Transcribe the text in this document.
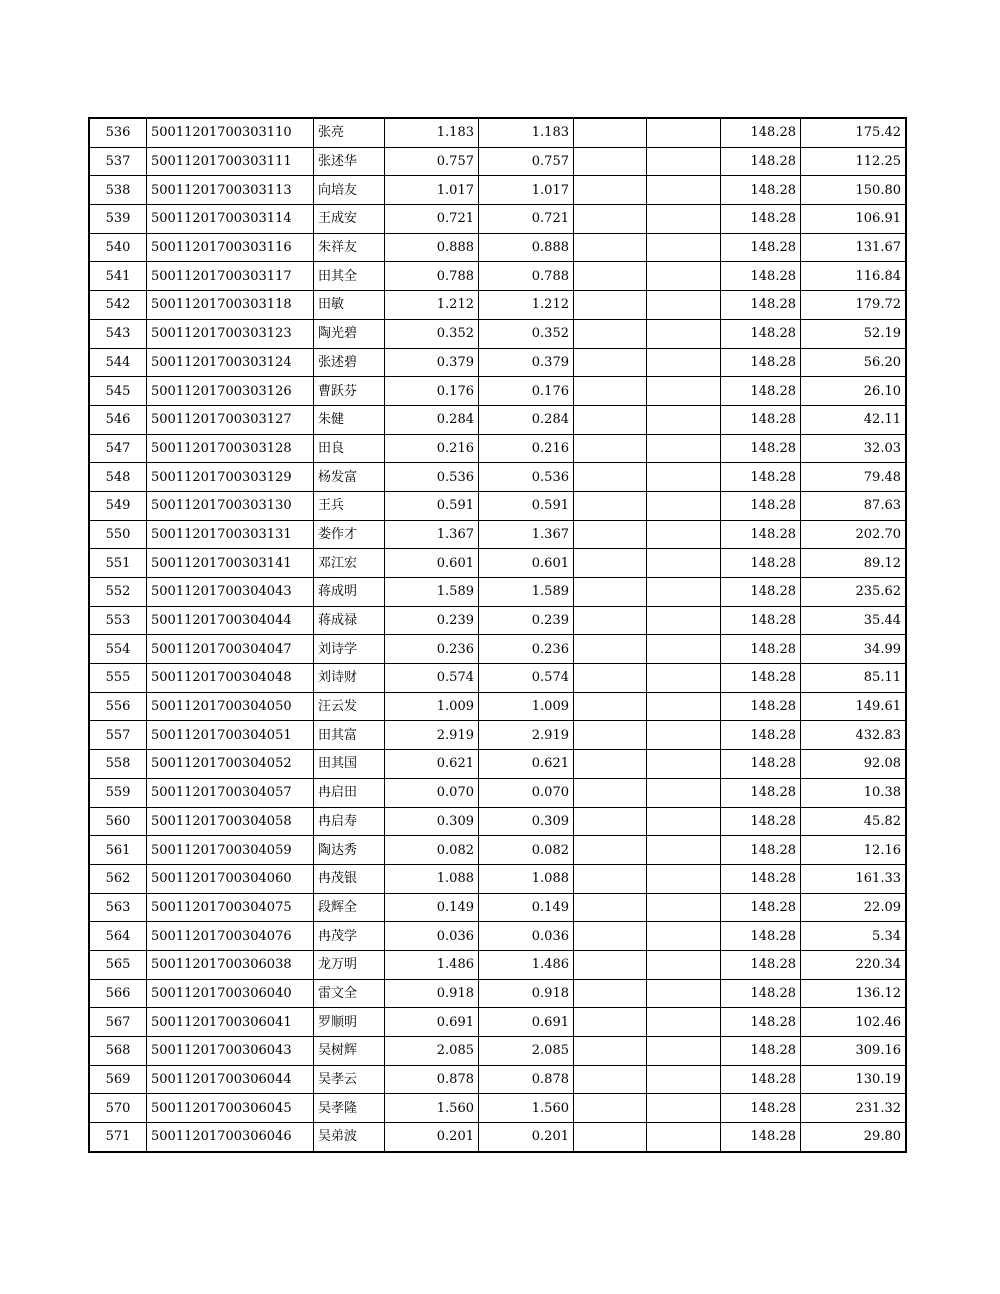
536	50011201700303110	张亮	1.183	1.183			148.28	175.42
537	50011201700303111	张述华	0.757	0.757			148.28	112.25
538	50011201700303113	向培友	1.017	1.017			148.28	150.80
539	50011201700303114	王成安	0.721	0.721			148.28	106.91
540	50011201700303116	朱祥友	0.888	0.888			148.28	131.67
541	50011201700303117	田其全	0.788	0.788			148.28	116.84
542	50011201700303118	田敏	1.212	1.212			148.28	179.72
543	50011201700303123	陶光碧	0.352	0.352			148.28	52.19
544	50011201700303124	张述碧	0.379	0.379			148.28	56.20
545	50011201700303126	曹跃芬	0.176	0.176			148.28	26.10
546	50011201700303127	朱健	0.284	0.284			148.28	42.11
547	50011201700303128	田良	0.216	0.216			148.28	32.03
548	50011201700303129	杨发富	0.536	0.536			148.28	79.48
549	50011201700303130	王兵	0.591	0.591			148.28	87.63
550	50011201700303131	娄作才	1.367	1.367			148.28	202.70
551	50011201700303141	邓江宏	0.601	0.601			148.28	89.12
552	50011201700304043	蒋成明	1.589	1.589			148.28	235.62
553	50011201700304044	蒋成禄	0.239	0.239			148.28	35.44
554	50011201700304047	刘诗学	0.236	0.236			148.28	34.99
555	50011201700304048	刘诗财	0.574	0.574			148.28	85.11
556	50011201700304050	汪云发	1.009	1.009			148.28	149.61
557	50011201700304051	田其富	2.919	2.919			148.28	432.83
558	50011201700304052	田其国	0.621	0.621			148.28	92.08
559	50011201700304057	冉启田	0.070	0.070			148.28	10.38
560	50011201700304058	冉启寿	0.309	0.309			148.28	45.82
561	50011201700304059	陶达秀	0.082	0.082			148.28	12.16
562	50011201700304060	冉茂银	1.088	1.088			148.28	161.33
563	50011201700304075	段辉全	0.149	0.149			148.28	22.09
564	50011201700304076	冉茂学	0.036	0.036			148.28	5.34
565	50011201700306038	龙万明	1.486	1.486			148.28	220.34
566	50011201700306040	雷文全	0.918	0.918			148.28	136.12
567	50011201700306041	罗顺明	0.691	0.691			148.28	102.46
568	50011201700306043	吴树辉	2.085	2.085			148.28	309.16
569	50011201700306044	吴孝云	0.878	0.878			148.28	130.19
570	50011201700306045	吴孝隆	1.560	1.560			148.28	231.32
571	50011201700306046	吴弟波	0.201	0.201			148.28	29.80
